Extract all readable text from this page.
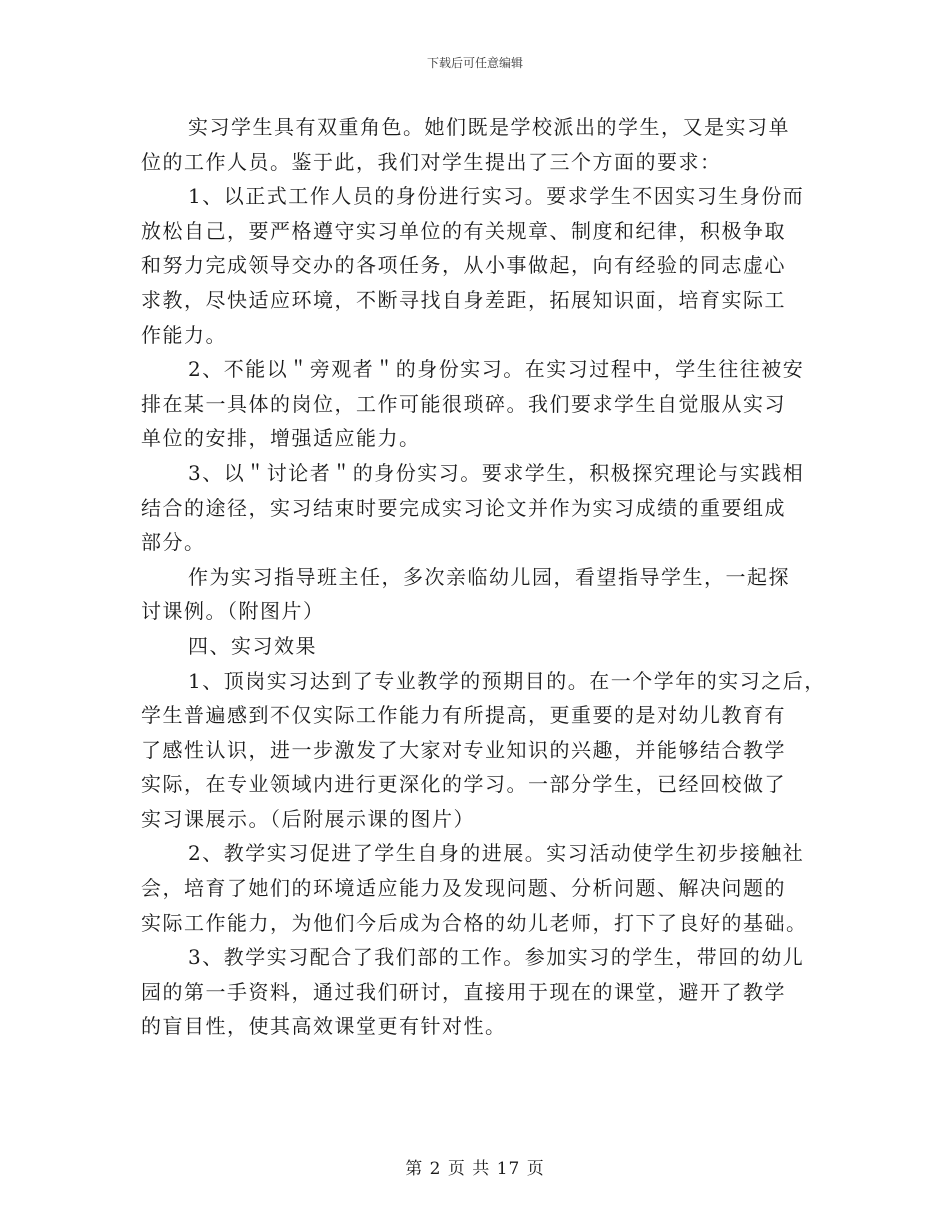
下载后可任意编辑
实习学生具有双重角色。她们既是学校派出的学生，又是实习单
位的工作人员。鉴于此，我们对学生提出了三个方面的要求：
1、以正式工作人员的身份进行实习。要求学生不因实习生身份而
放松自己，要严格遵守实习单位的有关规章、制度和纪律，积极争取
和努力完成领导交办的各项任务，从小事做起，向有经验的同志虚心
求教，尽快适应环境，不断寻找自身差距，拓展知识面，培育实际工
作能力。
2、不能以＂旁观者＂的身份实习。在实习过程中，学生往往被安
排在某一具体的岗位，工作可能很琐碎。我们要求学生自觉服从实习
单位的安排，增强适应能力。
3、以＂讨论者＂的身份实习。要求学生，积极探究理论与实践相
结合的途径，实习结束时要完成实习论文并作为实习成绩的重要组成
部分。
作为实习指导班主任，多次亲临幼儿园，看望指导学生，一起探
讨课例。（附图片）
四、实习效果
1、顶岗实习达到了专业教学的预期目的。在一个学年的实习之后，
学生普遍感到不仅实际工作能力有所提高，更重要的是对幼儿教育有
了感性认识，进一步激发了大家对专业知识的兴趣，并能够结合教学
实际，在专业领域内进行更深化的学习。一部分学生，已经回校做了
实习课展示。（后附展示课的图片）
2、教学实习促进了学生自身的进展。实习活动使学生初步接触社
会，培育了她们的环境适应能力及发现问题、分析问题、解决问题的
实际工作能力，为他们今后成为合格的幼儿老师，打下了良好的基础。
3、教学实习配合了我们部的工作。参加实习的学生，带回的幼儿
园的第一手资料，通过我们研讨，直接用于现在的课堂，避开了教学
的盲目性，使其高效课堂更有针对性。
第 2 页 共 17 页
